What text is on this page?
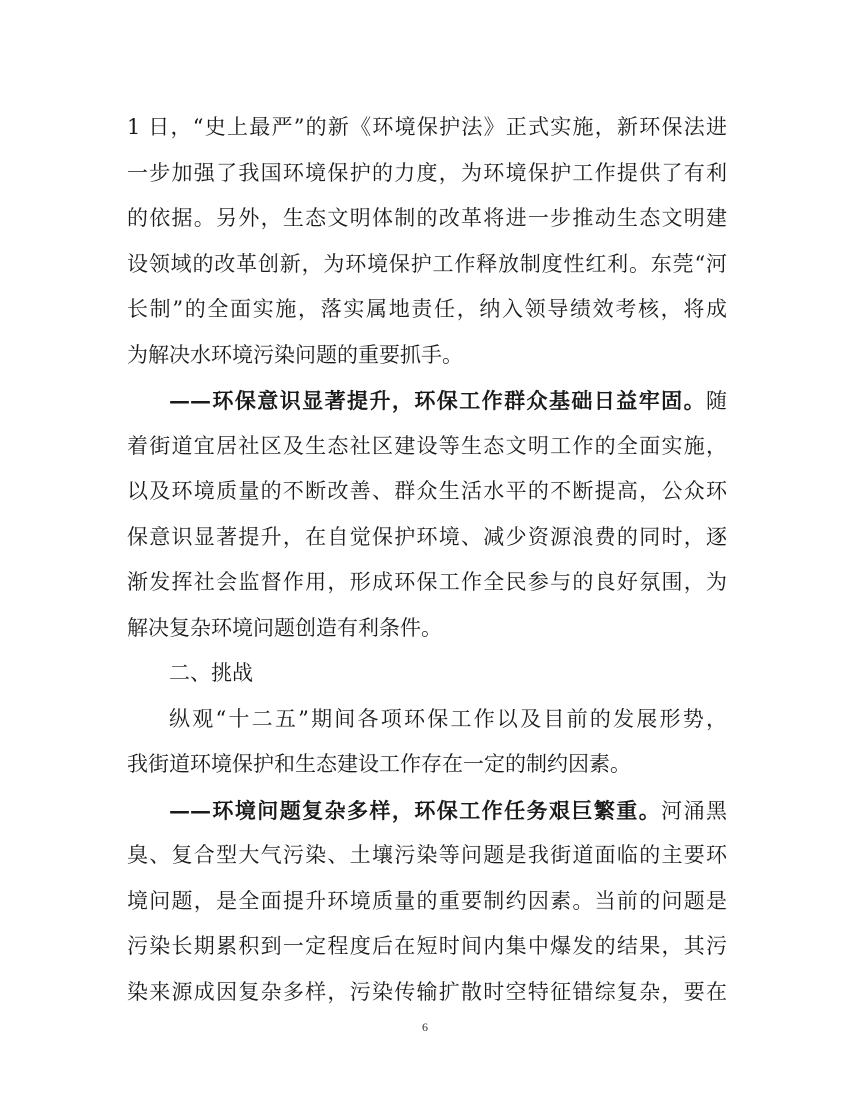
1 日，“史上最严”的新《环境保护法》正式实施，新环保法进
一步加强了我国环境保护的力度，为环境保护工作提供了有利
的依据。另外，生态文明体制的改革将进一步推动生态文明建
设领域的改革创新，为环境保护工作释放制度性红利。东莞“河
长制”的全面实施，落实属地责任，纳入领导绩效考核，将成
为解决水环境污染问题的重要抓手。
——环保意识显著提升，环保工作群众基础日益牢固。随
着街道宜居社区及生态社区建设等生态文明工作的全面实施，
以及环境质量的不断改善、群众生活水平的不断提高，公众环
保意识显著提升，在自觉保护环境、减少资源浪费的同时，逐
渐发挥社会监督作用，形成环保工作全民参与的良好氛围，为
解决复杂环境问题创造有利条件。
二、挑战
纵观“十二五”期间各项环保工作以及目前的发展形势，
我街道环境保护和生态建设工作存在一定的制约因素。
——环境问题复杂多样，环保工作任务艰巨繁重。河涌黑
臭、复合型大气污染、土壤污染等问题是我街道面临的主要环
境问题，是全面提升环境质量的重要制约因素。当前的问题是
污染长期累积到一定程度后在短时间内集中爆发的结果，其污
染来源成因复杂多样，污染传输扩散时空特征错综复杂，要在
6
